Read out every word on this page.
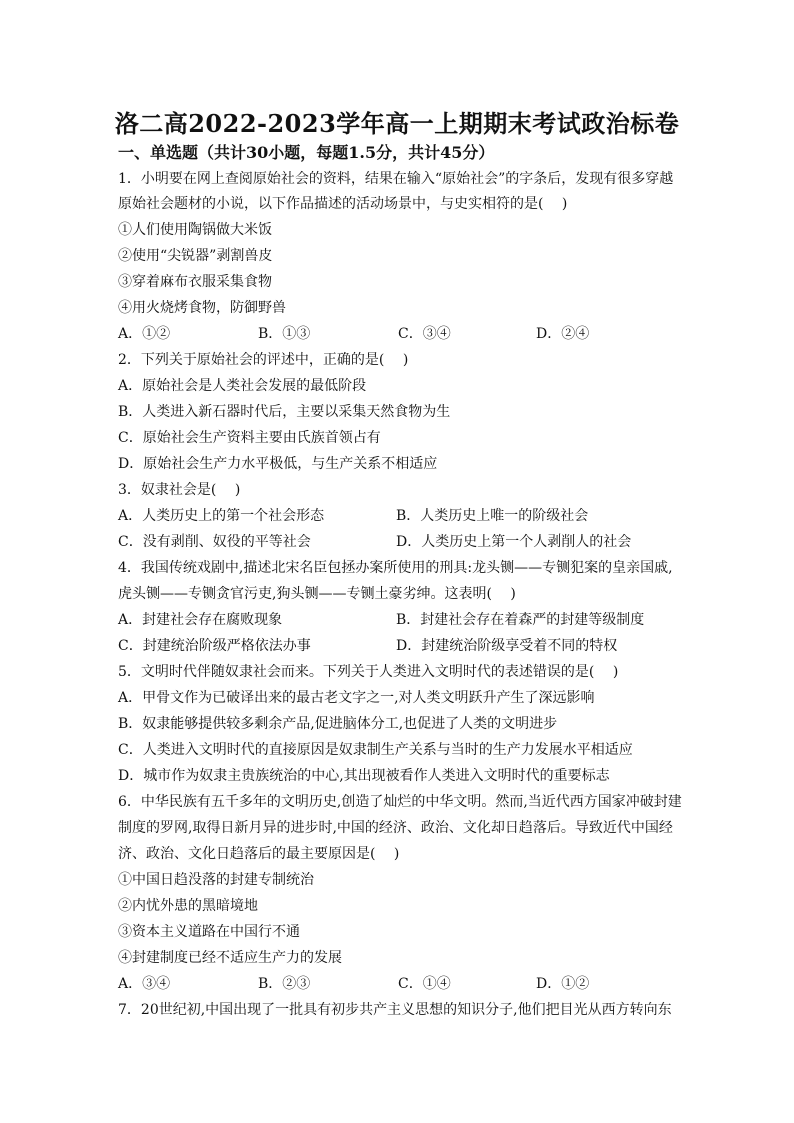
洛二高2022-2023学年高一上期期末考试政治标卷
一、单选题（共计30小题，每题1.5分，共计45分）
1．小明要在网上查阅原始社会的资料，结果在输入“原始社会”的字条后，发现有很多穿越
原始社会题材的小说，以下作品描述的活动场景中，与史实相符的是(　 )
①人们使用陶锅做大米饭
②使用“尖锐器”剥割兽皮
③穿着麻布衣服采集食物
④用火烧烤食物，防御野兽
A．①②	B．①③	C．③④	D．②④
2．下列关于原始社会的评述中，正确的是(　 )
A．原始社会是人类社会发展的最低阶段
B．人类进入新石器时代后，主要以采集天然食物为生
C．原始社会生产资料主要由氏族首领占有
D．原始社会生产力水平极低，与生产关系不相适应
3．奴隶社会是(　 )
A．人类历史上的第一个社会形态	B．人类历史上唯一的阶级社会
C．没有剥削、奴役的平等社会	D．人类历史上第一个人剥削人的社会
4．我国传统戏剧中,描述北宋名臣包拯办案所使用的刑具:龙头铡——专铡犯案的皇亲国戚,
虎头铡——专铡贪官污吏,狗头铡——专铡土豪劣绅。这表明(　 )
A．封建社会存在腐败现象	B．封建社会存在着森严的封建等级制度
C．封建统治阶级严格依法办事	D．封建统治阶级享受着不同的特权
5．文明时代伴随奴隶社会而来。下列关于人类进入文明时代的表述错误的是(　 )
A．甲骨文作为已破译出来的最古老文字之一,对人类文明跃升产生了深远影响
B．奴隶能够提供较多剩余产品,促进脑体分工,也促进了人类的文明进步
C．人类进入文明时代的直接原因是奴隶制生产关系与当时的生产力发展水平相适应
D．城市作为奴隶主贵族统治的中心,其出现被看作人类进入文明时代的重要标志
6．中华民族有五千多年的文明历史,创造了灿烂的中华文明。然而,当近代西方国家冲破封建
制度的罗网,取得日新月异的进步时,中国的经济、政治、文化却日趋落后。导致近代中国经
济、政治、文化日趋落后的最主要原因是(　 )
①中国日趋没落的封建专制统治
②内忧外患的黑暗境地
③资本主义道路在中国行不通
④封建制度已经不适应生产力的发展
A．③④	B．②③	C．①④	D．①②
7．20世纪初,中国出现了一批具有初步共产主义思想的知识分子,他们把目光从西方转向东
